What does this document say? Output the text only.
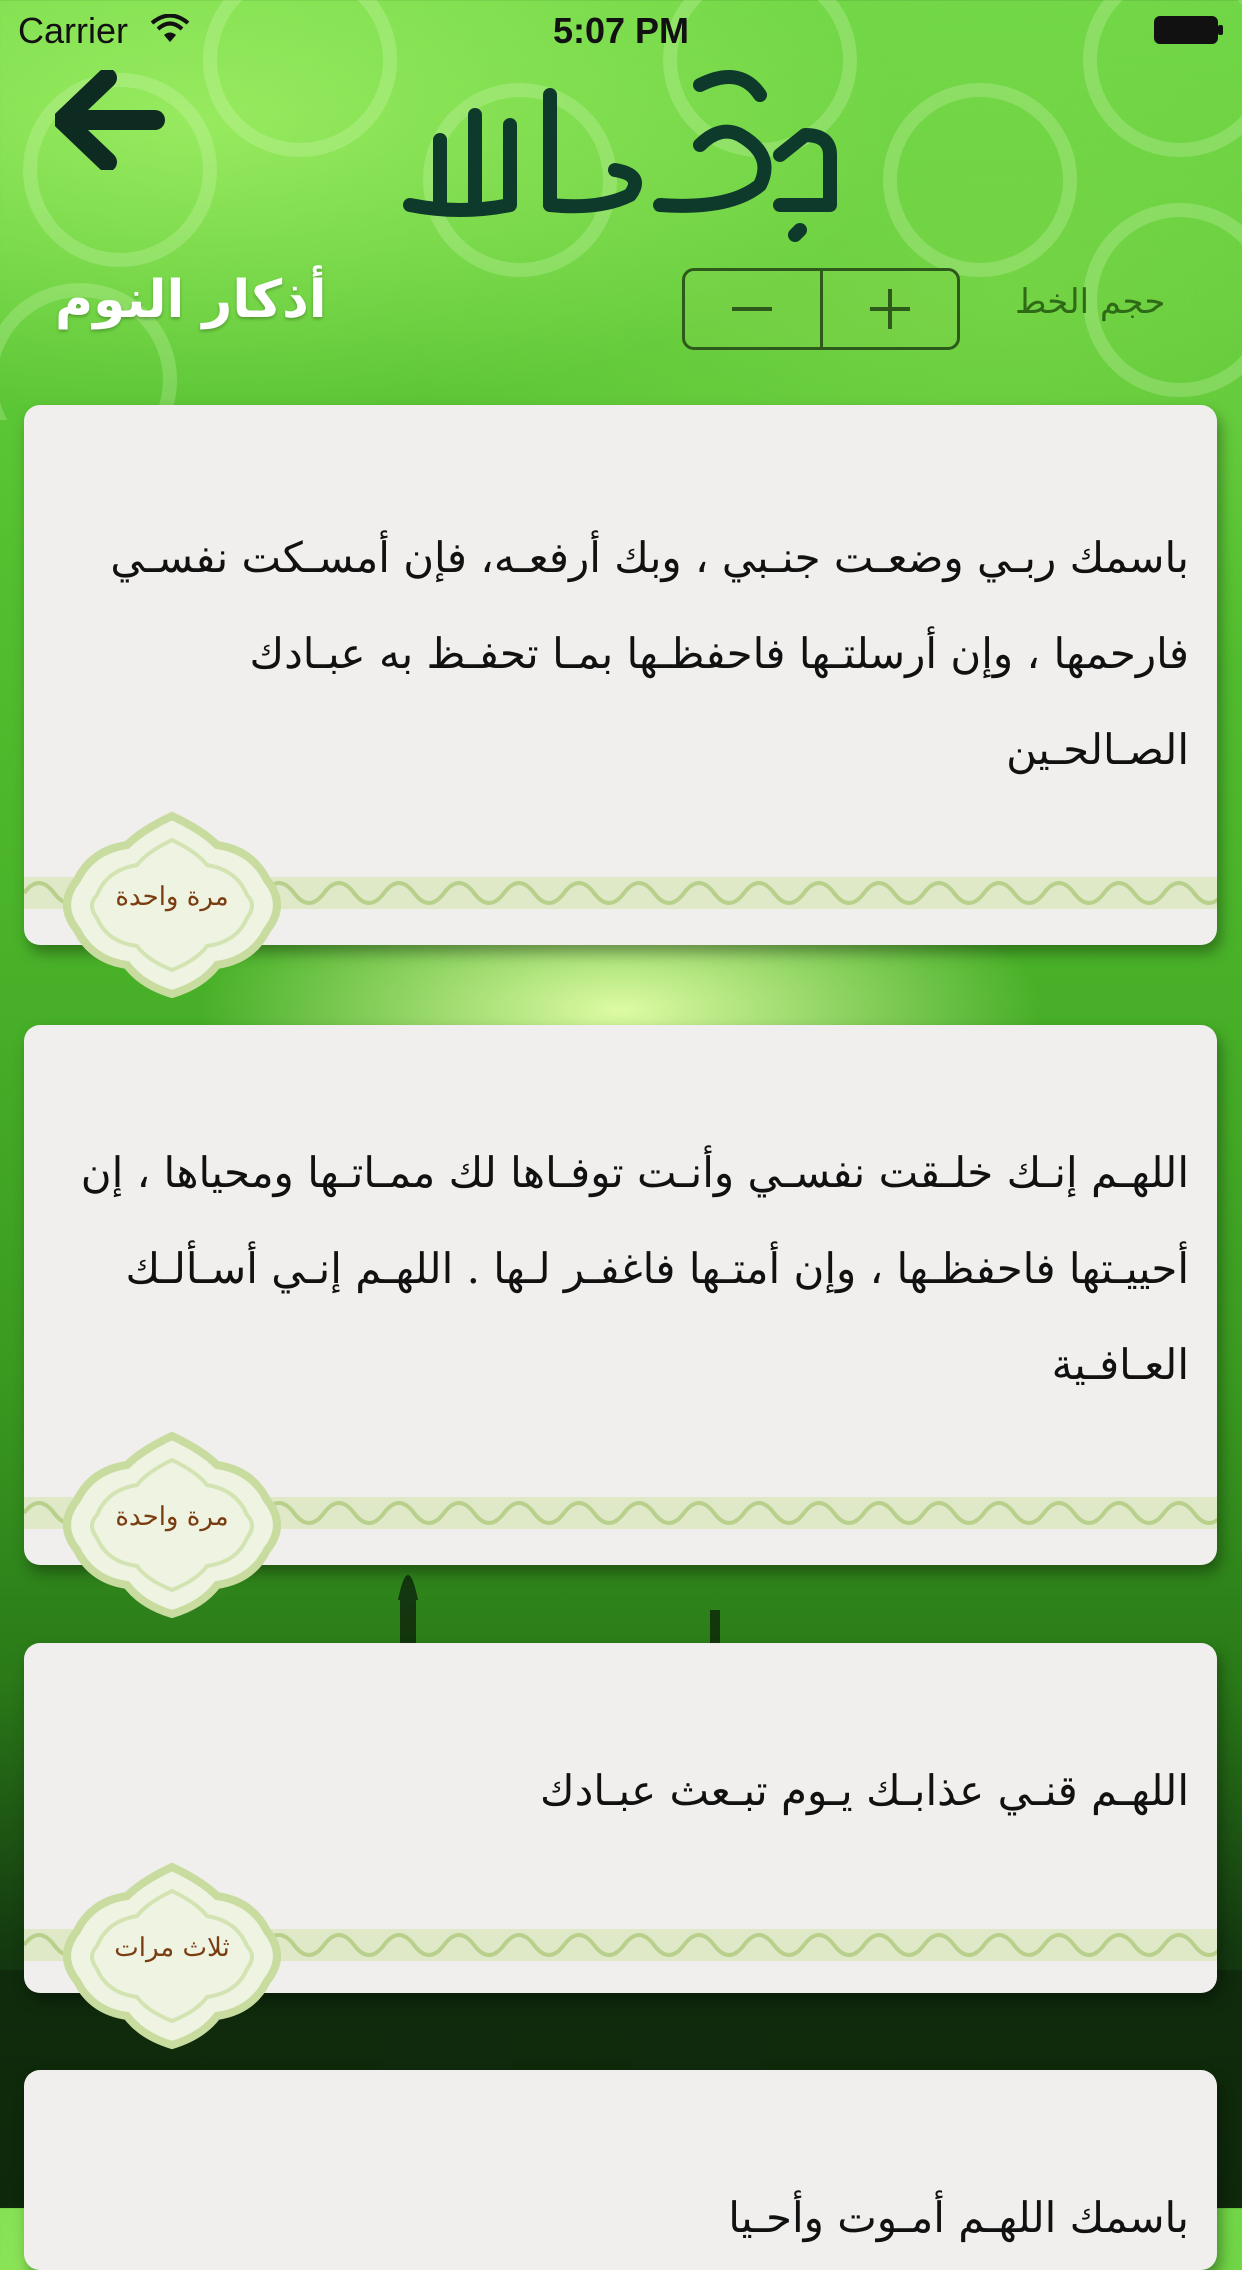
Carrier	5:07 PM
أذكار النوم	حجم الخط
باسمك ربـي وضعـت جنـبي ، وبك أرفعـه، فإن أمسـكت نفسـي فارحمها ، وإن أرسلتـها فاحفظـها بمـا تحفـظ به عبـادك الصـالحـين
مرة واحدة
اللهـم إنـك خلـقت نفسـي وأنـت توفـاها لك ممـاتـها ومحياها ، إن أحييـتها فاحفظـها ، وإن أمتـها فاغفـر لـها . اللهـم إنـي أسـألـك العـافـية
مرة واحدة
اللهـم قنـي عذابـك يـوم تبـعث عبـادك
ثلاث مرات
باسمك اللهـم أمـوت وأحـيا
